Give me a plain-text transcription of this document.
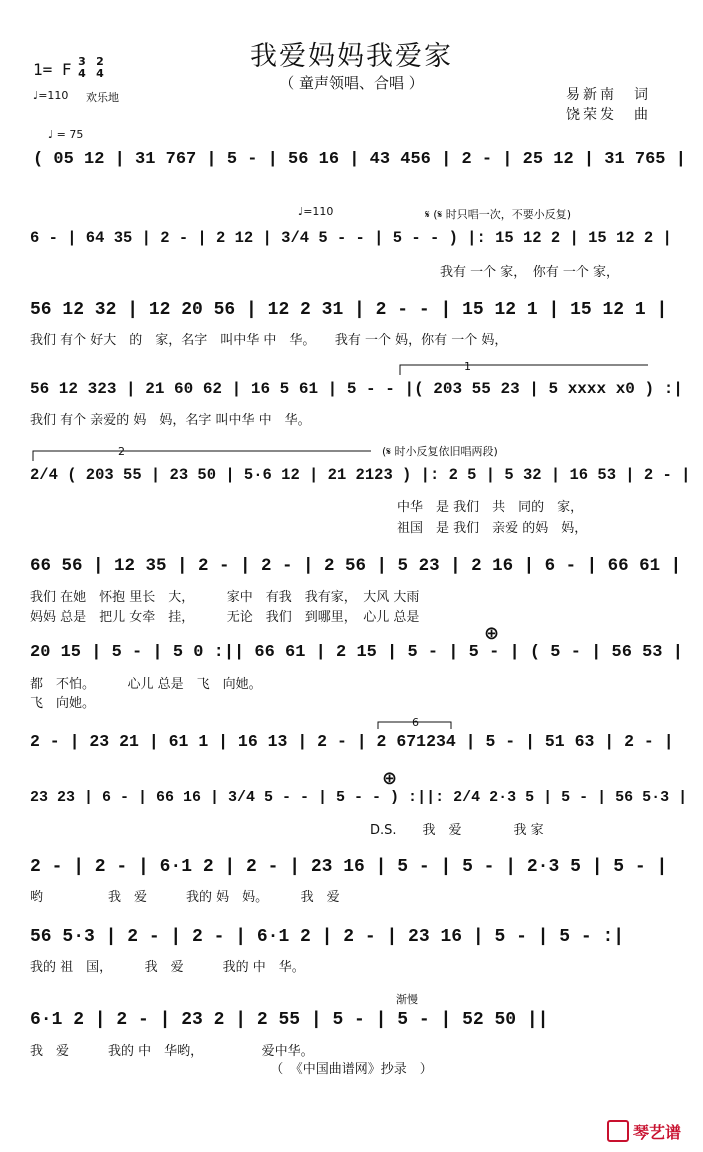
我爱妈妈我爱家
（ 童声领唱、合唱 ）
易新南　词
饶荣发　曲
1= F 3
4
2
4
♩=110 欢乐地
♩ = 75
( 05 12 | 31 767 | 5 - | 56 16 | 43 456 | 2 - | 25 12 | 31 765 |
♩=110	𝄋 (𝄋 时只唱一次，不要小反复)
6 - | 64 35 | 2 - | 2 12 | 3/4 5 - - | 5 - - ) |: 15 12 2 | 15 12 2 |
我有 一个 家，　你有 一个 家，
56 12 32 | 12 20 56 | 12 2 31 | 2 - - | 15 12 1 | 15 12 1 |
我们 有个 好大　的　家，名字　叫中华 中　华。　　我有 一个 妈，你有 一个 妈，
1
56 12 323 | 21 60 62 | 16 5 61 | 5 - - |( 203 55 23 | 5 xxxx x0 ) :|
我们 有个 亲爱的 妈　妈，名字 叫中华 中　华。
2	(𝄋 时小反复依旧唱两段)
2/4 ( 203 55 | 23 50 | 5·6 12 | 21 2123 ) |: 2 5 | 5 32 | 16 53 | 2 - |
中华　是 我们　共　同的　家，
祖国　是 我们　亲爱 的妈　妈，
66 56 | 12 35 | 2 - | 2 - | 2 56 | 5 23 | 2 16 | 6 - | 66 61 |
我们 在她　怀抱 里长　大，　　　家中　有我　我有家，　大风 大雨
妈妈 总是　把儿 女牵　挂，　　　无论　我们　到哪里，　心儿 总是
⊕
20 15 | 5 - | 5 0 :|| 66 61 | 2 15 | 5 - | 5 - | ( 5 - | 56 53 |
都　不怕。　　　心儿 总是　飞　向她。
飞　向她。
6
2 - | 23 21 | 61 1 | 16 13 | 2 - | 2 671234 | 5 - | 51 63 | 2 - |
⊕
23 23 | 6 - | 66 16 | 3/4 5 - - | 5 - - ) :||: 2/4 2·3 5 | 5 - | 56 5·3 |
D.S.　　我　爱　　　　我 家
2 - | 2 - | 6·1 2 | 2 - | 23 16 | 5 - | 5 - | 2·3 5 | 5 - |
哟　　　　　我　爱　　　我的 妈　妈。　　　我　爱
56 5·3 | 2 - | 2 - | 6·1 2 | 2 - | 23 16 | 5 - | 5 - :|
我的 祖　国，　　　我　爱　　　我的 中　华。
渐慢
6·1 2 | 2 - | 23 2 | 2 55 | 5 - | 5 - | 52 50 ||
我　爱　　　我的 中　华哟，　　　　　爱中华。
（　《中国曲谱网》抄录　）
琴艺谱
